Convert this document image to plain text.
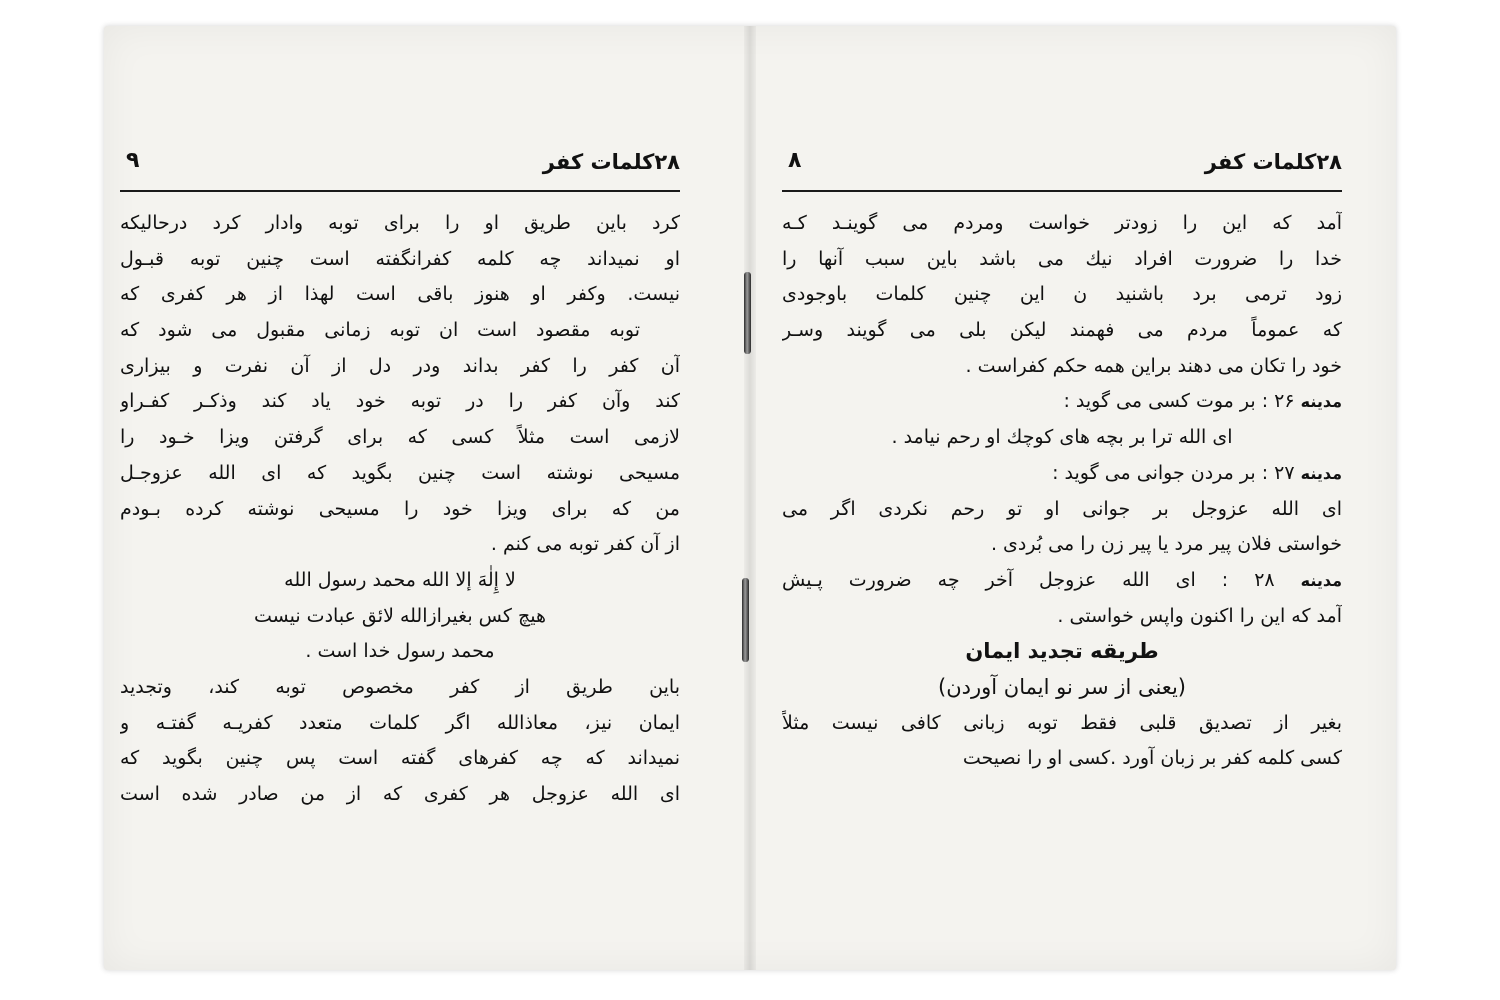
۲۸کلمات کفر
۹
کرد باین طریق او را برای توبه وادار کرد درحالیکه
او نمیداند چه کلمه کفرانگفته است چنین توبه قبـول
نیست. وکفر او هنوز باقی است لهذا از هر کفری که
توبه مقصود است ان توبه زمانی مقبول می شود که
آن کفر را کفر بداند ودر دل از آن نفرت و بیزاری
کند وآن کفر را در توبه خود یاد کند وذکـر کفـراو
لازمی است مثلاً کسی که برای گرفتن ویزا خـود را
مسیحی نوشته است چنین بگوید که ای الله عزوجـل
من که برای ویزا خود را مسیحی نوشته کرده بـودم
از آن کفر توبه می کنم .
لا إِلٰهَ إلا الله محمد رسول الله
هیچ کس بغیرازالله لائق عبادت نیست
محمد رسول خدا است .
باین طریق از کفر مخصوص توبه کند، وتجدید
ایمان نیز، معاذالله اگر کلمات متعدد کفریـه گفتـه و
نمیداند که چه کفرهای گفته است پس چنین بگوید که
ای الله عزوجل هر کفری که از من صادر شده است
۲۸کلمات کفر
۸
آمد که این را زودتر خواست ومردم می گوینـد کـه
خدا را ضرورت افراد نیك می باشد باین سبب آنها را
زود ترمی برد باشنید ن این چنین کلمات باوجودی
که عموماً مردم می فهمند لیکن بلی می گویند وسـر
خود را تکان می دهند براین همه حکم کفراست .
مدینه ۲۶ : بر موت کسی می گوید :
ای الله ترا بر بچه های کوچك او رحم نیامد .
مدینه ۲۷ : بر مردن جوانی می گوید :
ای الله عزوجل بر جوانی او تو رحم نکردی اگر می
خواستی فلان پیر مرد یا پیر زن را می بُردی .
مدینه ۲۸ : ای الله عزوجل آخر چه ضرورت پـیش
آمد که این را اکنون واپس خواستی .
طریقه تجدید ایمان
(یعنی از سر نو ایمان آوردن)
بغیر از تصدیق قلبی فقط توبه زبانی کافی نیست مثلاً
کسی کلمه کفر بر زبان آورد .کسی او را نصیحت
